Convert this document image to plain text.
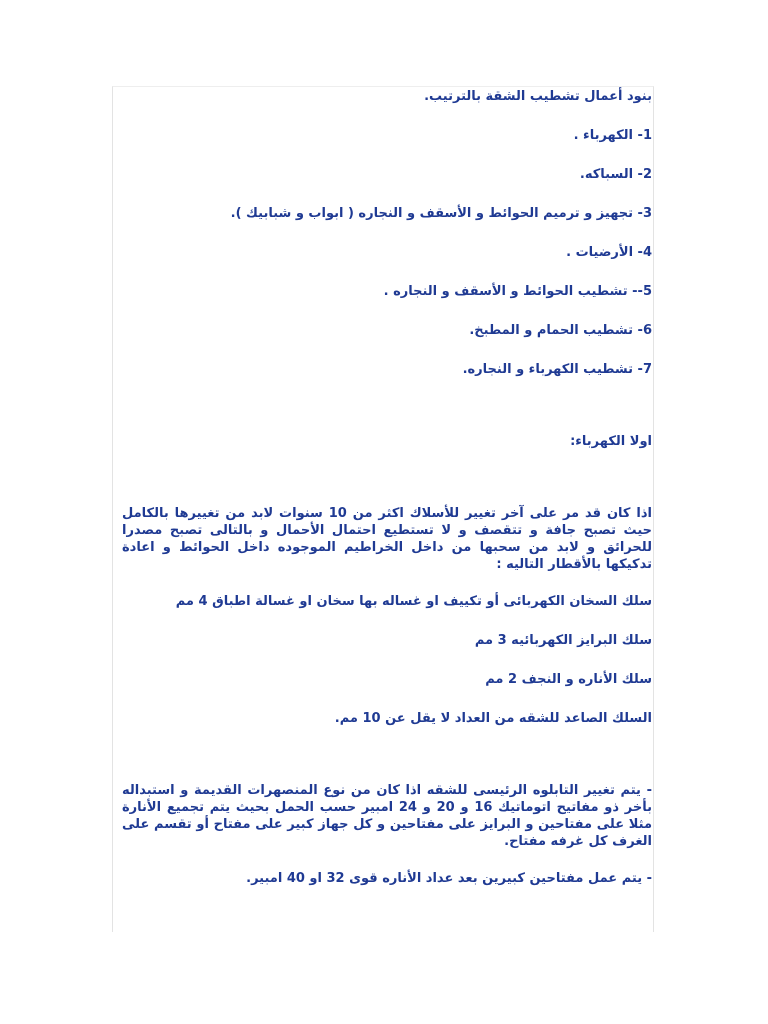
بنود أعمال تشطيب الشقة بالترتيب.

1- الكهرباء .

2- السباكه.

3- تجهيز و ترميم الحوائط و الأسقف و النجاره ( ابواب و شبابيك ).

4- الأرضيات .

5-- تشطيب الحوائط و الأسقف و النجاره .

6- تشطيب الحمام و المطبخ.

7- تشطيب الكهرباء و النجاره.

اولا الكهرباء:

اذا كان قد مر على آخر تغيير للأسلاك اكثر من 10 سنوات لابد من تغييرها بالكامل حيث تصبح جافة و تتقصف و لا تستطيع احتمال الأحمال و بالتالى تصبح مصدرا للحرائق و لابد من سحبها من داخل الخراطيم الموجوده داخل الحوائط و اعادة تدكيكها بالأقطار التاليه :

سلك السخان الكهربائى أو تكييف او غساله بها سخان او غسالة اطباق 4 مم

سلك البرايز الكهربائيه 3 مم

سلك الأناره و النجف 2 مم

السلك الصاعد للشقه من العداد لا يقل عن 10 مم.

- يتم تغيير التابلوه الرئيسى للشقه اذا كان من نوع المنصهرات القديمة و استبداله بأخر ذو مفاتيح اتوماتيك 16 و 20 و 24 امبير حسب الحمل بحيث يتم تجميع الأنارة مثلا على مفتاحين و البرايز على مفتاحين و كل جهاز كبير على مفتاح أو تقسم على الغرف كل غرفه مفتاح.

- يتم عمل مفتاحين كبيرين بعد عداد الأناره قوى 32 او 40 امبير.
